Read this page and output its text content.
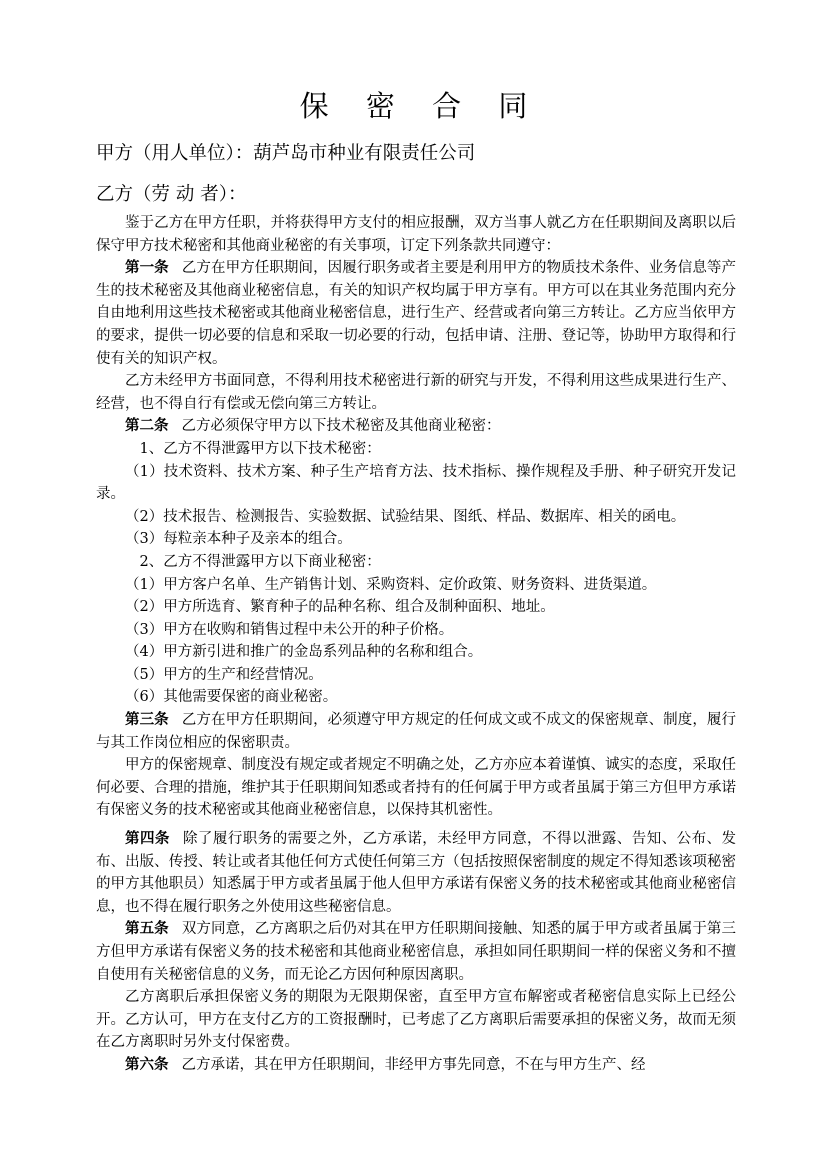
保 密 合 同
甲方（用人单位）：葫芦岛市种业有限责任公司
乙方（劳 动 者）：

鉴于乙方在甲方任职，并将获得甲方支付的相应报酬，双方当事人就乙方在任职期间及离职以后保守甲方技术秘密和其他商业秘密的有关事项，订定下列条款共同遵守：

第一条 乙方在甲方任职期间，因履行职务或者主要是利用甲方的物质技术条件、业务信息等产生的技术秘密及其他商业秘密信息，有关的知识产权均属于甲方享有。甲方可以在其业务范围内充分自由地利用这些技术秘密或其他商业秘密信息，进行生产、经营或者向第三方转让。乙方应当依甲方的要求，提供一切必要的信息和采取一切必要的行动，包括申请、注册、登记等，协助甲方取得和行使有关的知识产权。

乙方未经甲方书面同意，不得利用技术秘密进行新的研究与开发，不得利用这些成果进行生产、经营，也不得自行有偿或无偿向第三方转让。

第二条 乙方必须保守甲方以下技术秘密及其他商业秘密：

1、乙方不得泄露甲方以下技术秘密：

（1）技术资料、技术方案、种子生产培育方法、技术指标、操作规程及手册、种子研究开发记录。

（2）技术报告、检测报告、实验数据、试验结果、图纸、样品、数据库、相关的函电。

（3）每粒亲本种子及亲本的组合。

2、乙方不得泄露甲方以下商业秘密：

（1）甲方客户名单、生产销售计划、采购资料、定价政策、财务资料、进货渠道。

（2）甲方所选育、繁育种子的品种名称、组合及制种面积、地址。

（3）甲方在收购和销售过程中未公开的种子价格。

（4）甲方新引进和推广的金岛系列品种的名称和组合。

（5）甲方的生产和经营情况。

（6）其他需要保密的商业秘密。

第三条 乙方在甲方任职期间，必须遵守甲方规定的任何成文或不成文的保密规章、制度，履行与其工作岗位相应的保密职责。

甲方的保密规章、制度没有规定或者规定不明确之处，乙方亦应本着谨慎、诚实的态度，采取任何必要、合理的措施，维护其于任职期间知悉或者持有的任何属于甲方或者虽属于第三方但甲方承诺有保密义务的技术秘密或其他商业秘密信息，以保持其机密性。

第四条 除了履行职务的需要之外，乙方承诺，未经甲方同意，不得以泄露、告知、公布、发布、出版、传授、转让或者其他任何方式使任何第三方（包括按照保密制度的规定不得知悉该项秘密的甲方其他职员）知悉属于甲方或者虽属于他人但甲方承诺有保密义务的技术秘密或其他商业秘密信息，也不得在履行职务之外使用这些秘密信息。

第五条 双方同意，乙方离职之后仍对其在甲方任职期间接触、知悉的属于甲方或者虽属于第三方但甲方承诺有保密义务的技术秘密和其他商业秘密信息，承担如同任职期间一样的保密义务和不擅自使用有关秘密信息的义务，而无论乙方因何种原因离职。

乙方离职后承担保密义务的期限为无限期保密，直至甲方宣布解密或者秘密信息实际上已经公开。乙方认可，甲方在支付乙方的工资报酬时，已考虑了乙方离职后需要承担的保密义务，故而无须在乙方离职时另外支付保密费。

第六条 乙方承诺，其在甲方任职期间，非经甲方事先同意，不在与甲方生产、经
